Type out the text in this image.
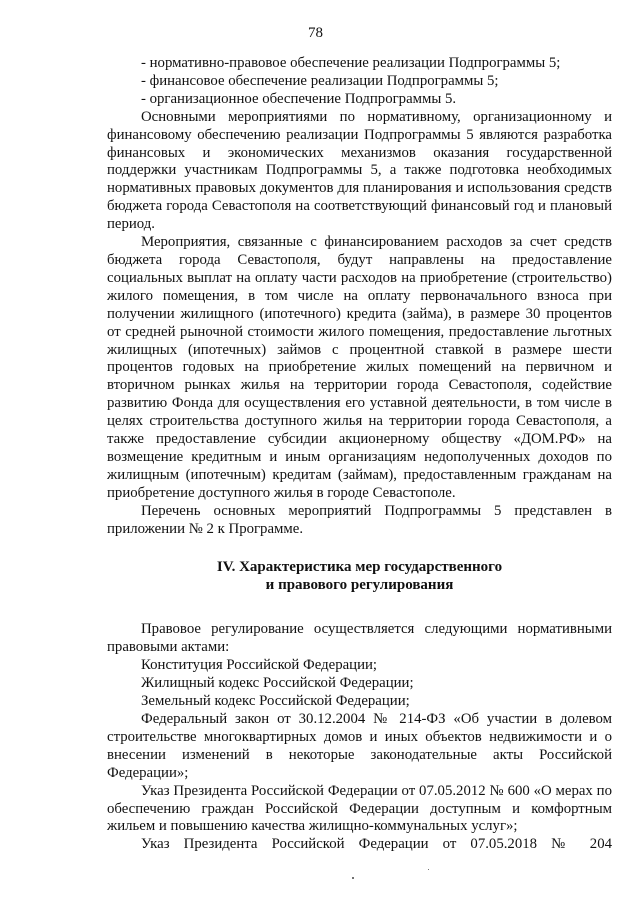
78

- нормативно-правовое обеспечение реализации Подпрограммы 5;

- финансовое обеспечение реализации Подпрограммы 5;

- организационное обеспечение Подпрограммы 5.

Основными мероприятиями по нормативному, организационному и финансовому обеспечению реализации Подпрограммы 5 являются разработка финансовых и экономических механизмов оказания государственной поддержки участникам Подпрограммы 5, а также подготовка необходимых нормативных правовых документов для планирования и использования средств бюджета города Севастополя на соответствующий финансовый год и плановый период.

Мероприятия, связанные с финансированием расходов за счет средств бюджета города Севастополя, будут направлены на предоставление социальных выплат на оплату части расходов на приобретение (строительство) жилого помещения, в том числе на оплату первоначального взноса при получении жилищного (ипотечного) кредита (займа), в размере 30 процентов от средней рыночной стоимости жилого помещения, предоставление льготных жилищных (ипотечных) займов с процентной ставкой в размере шести процентов годовых на приобретение жилых помещений на первичном и вторичном рынках жилья на территории города Севастополя, содействие развитию Фонда для осуществления его уставной деятельности, в том числе в целях строительства доступного жилья на территории города Севастополя, а также предоставление субсидии акционерному обществу «ДОМ.РФ» на возмещение кредитным и иным организациям недополученных доходов по жилищным (ипотечным) кредитам (займам), предоставленным гражданам на приобретение доступного жилья в городе Севастополе.

Перечень основных мероприятий Подпрограммы 5 представлен в приложении № 2 к Программе.

IV. Характеристика мер государственного
и правового регулирования

Правовое регулирование осуществляется следующими нормативными правовыми актами:

Конституция Российской Федерации;

Жилищный кодекс Российской Федерации;

Земельный кодекс Российской Федерации;

Федеральный закон от 30.12.2004 № 214-ФЗ «Об участии в долевом строительстве многоквартирных домов и иных объектов недвижимости и о внесении изменений в некоторые законодательные акты Российской Федерации»;

Указ Президента Российской Федерации от 07.05.2012 № 600 «О мерах по обеспечению граждан Российской Федерации доступным и комфортным жильем и повышению качества жилищно-коммунальных услуг»;

Указ Президента Российской Федерации от 07.05.2018 № 204
